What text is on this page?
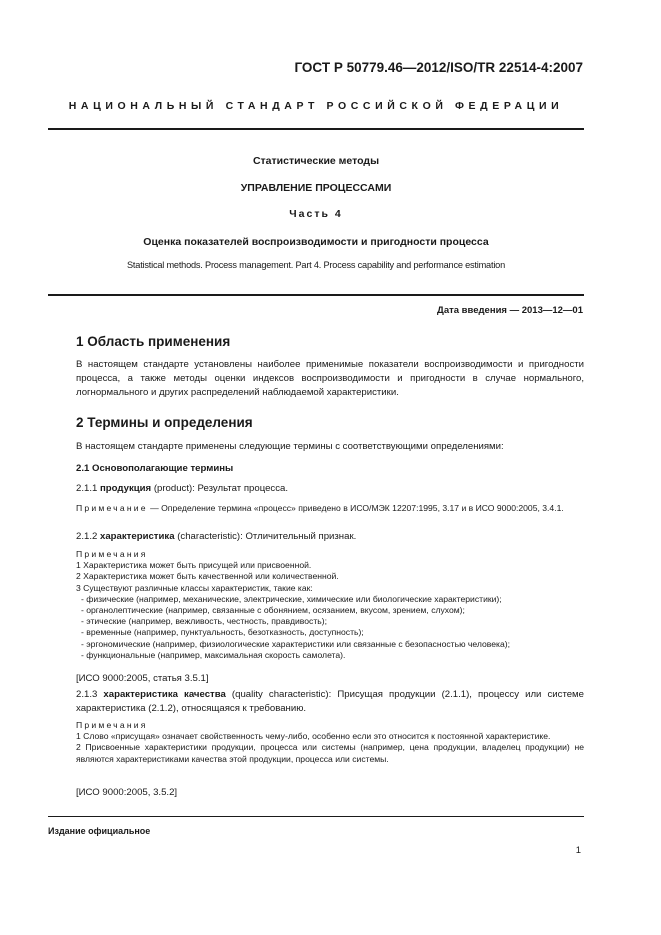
ГОСТ Р 50779.46—2012/ISO/TR 22514-4:2007
НАЦИОНАЛЬНЫЙ СТАНДАРТ РОССИЙСКОЙ ФЕДЕРАЦИИ
Статистические методы
УПРАВЛЕНИЕ ПРОЦЕССАМИ
Часть 4
Оценка показателей воспроизводимости и пригодности процесса
Statistical methods. Process management. Part 4. Process capability and performance estimation
Дата введения — 2013—12—01
1 Область применения
В настоящем стандарте установлены наиболее применимые показатели воспроизводимости и пригодности процесса, а также методы оценки индексов воспроизводимости и пригодности в случае нормального, логнормального и других распределений наблюдаемой характеристики.
2 Термины и определения
В настоящем стандарте применены следующие термины с соответствующими определениями:
2.1 Основополагающие термины
2.1.1 продукция (product): Результат процесса.
Примечание — Определение термина «процесс» приведено в ИСО/МЭК 12207:1995, 3.17 и в ИСО 9000:2005, 3.4.1.
2.1.2 характеристика (characteristic): Отличительный признак.
Примечания
1 Характеристика может быть присущей или присвоенной.
2 Характеристика может быть качественной или количественной.
3 Существуют различные классы характеристик, такие как:
- физические (например, механические, электрические, химические или биологические характеристики);
- органолептические (например, связанные с обонянием, осязанием, вкусом, зрением, слухом);
- этические (например, вежливость, честность, правдивость);
- временные (например, пунктуальность, безотказность, доступность);
- эргономические (например, физиологические характеристики или связанные с безопасностью человека);
- функциональные (например, максимальная скорость самолета).
[ИСО 9000:2005, статья 3.5.1]
2.1.3 характеристика качества (quality characteristic): Присущая продукции (2.1.1), процессу или системе характеристика (2.1.2), относящаяся к требованию.
Примечания
1 Слово «присущая» означает свойственность чему-либо, особенно если это относится к постоянной характеристике.
2 Присвоенные характеристики продукции, процесса или системы (например, цена продукции, владелец продукции) не являются характеристиками качества этой продукции, процесса или системы.
[ИСО 9000:2005, 3.5.2]
Издание официальное
1
